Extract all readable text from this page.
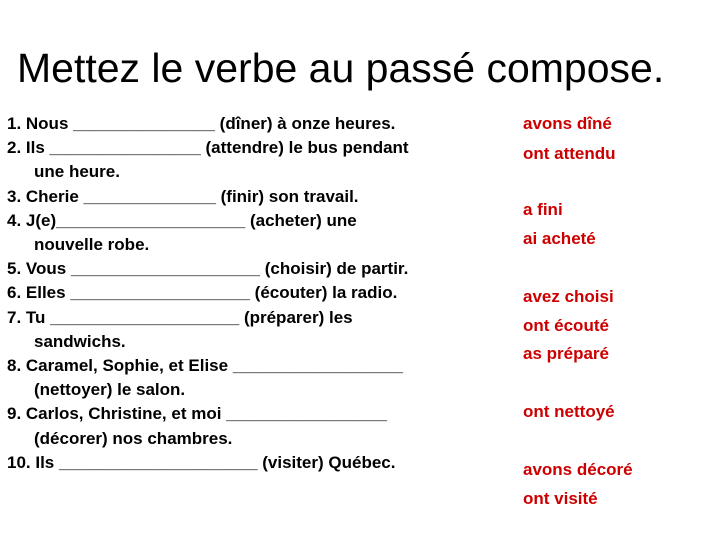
Mettez le verbe au passé compose.
1. Nous _______________ (dîner) à onze heures.
2. Ils ________________ (attendre) le bus pendant
une heure.
3. Cherie ______________ (finir) son travail.
4. J(e)____________________ (acheter) une
nouvelle robe.
5. Vous ____________________ (choisir) de partir.
6. Elles ___________________ (écouter) la radio.
7. Tu ____________________ (préparer) les
sandwichs.
8. Caramel, Sophie, et Elise __________________
(nettoyer) le salon.
9. Carlos, Christine, et moi _________________
(décorer) nos chambres.
10. Ils _____________________ (visiter) Québec.
avons dîné
ont attendu
a fini
ai acheté
avez choisi
ont écouté
as préparé
ont nettoyé
avons décoré
ont visité
